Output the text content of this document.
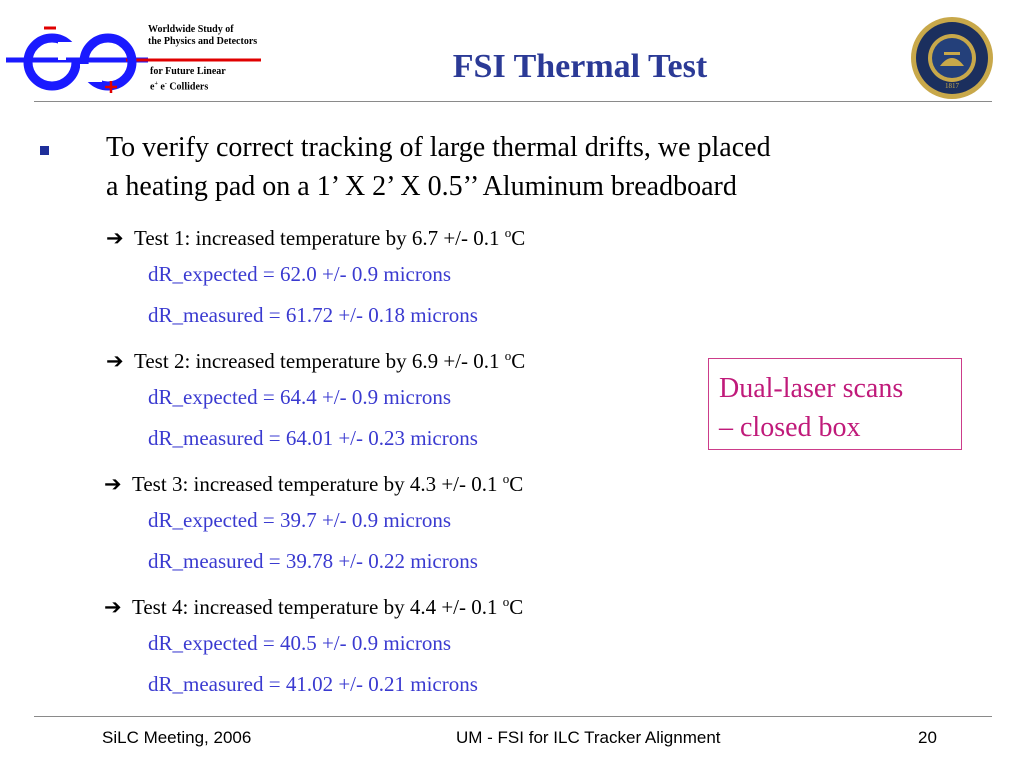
Worldwide Study of
the Physics and Detectors
for Future Linear
e+ e- Colliders
FSI Thermal Test
1817
To verify correct tracking of large thermal drifts, we placed
a heating pad on a 1’ X 2’ X 0.5’’ Aluminum breadboard
➔ Test 1: increased temperature by 6.7 +/- 0.1 $^o$C
dR_expected = 62.0 +/- 0.9 microns
dR_measured = 61.72 +/- 0.18 microns
➔ Test 2: increased temperature by 6.9 +/- 0.1 $^o$C
dR_expected = 64.4 +/- 0.9 microns
dR_measured = 64.01 +/- 0.23 microns
➔ Test 3: increased temperature by 4.3 +/- 0.1 $^o$C
dR_expected = 39.7 +/- 0.9 microns
dR_measured = 39.78 +/- 0.22 microns
➔ Test 4: increased temperature by 4.4 +/- 0.1 $^o$C
dR_expected = 40.5 +/- 0.9 microns
dR_measured = 41.02 +/- 0.21 microns
Dual-laser scans
– closed box
SiLC Meeting, 2006	UM - FSI for ILC Tracker Alignment	20
